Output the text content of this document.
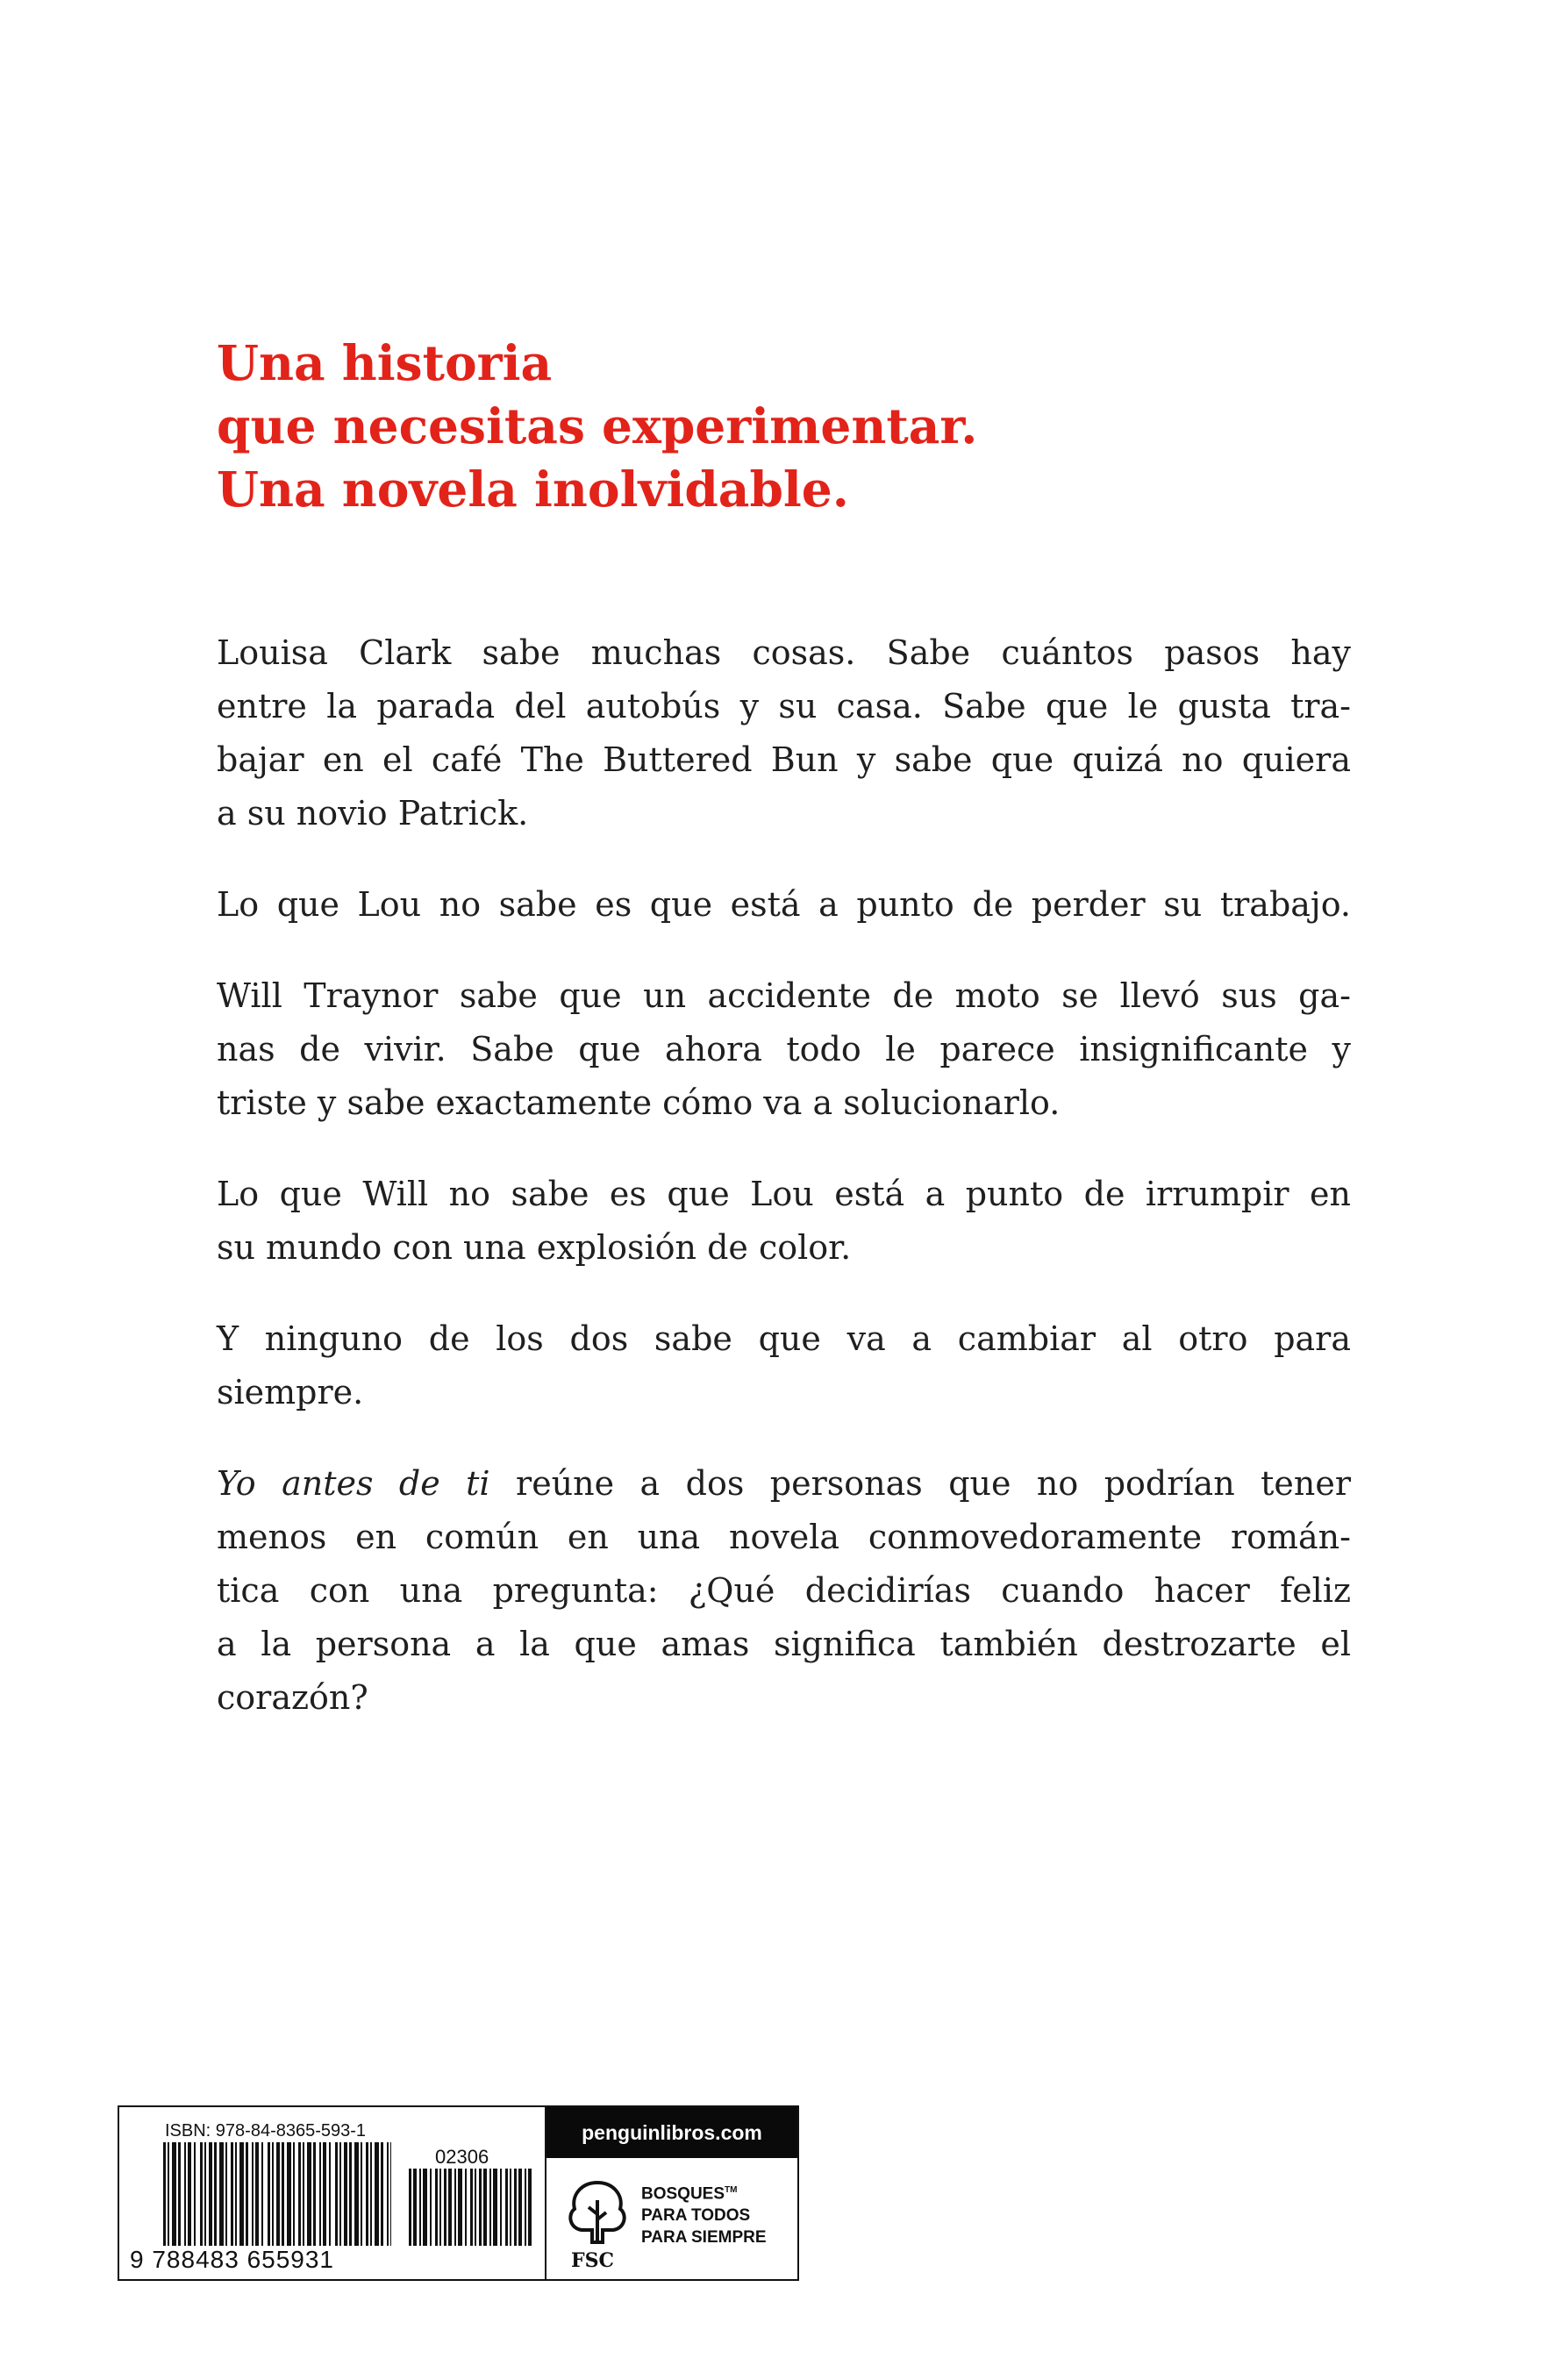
Una historia
que necesitas experimentar.
Una novela inolvidable.
Louisa Clark sabe muchas cosas. Sabe cuántos pasos hay
entre la parada del autobús y su casa. Sabe que le gusta tra-
bajar en el café The Buttered Bun y sabe que quizá no quiera
a su novio Patrick.
Lo que Lou no sabe es que está a punto de perder su trabajo.
Will Traynor sabe que un accidente de moto se llevó sus ga-
nas de vivir. Sabe que ahora todo le parece insignificante y
triste y sabe exactamente cómo va a solucionarlo.
Lo que Will no sabe es que Lou está a punto de irrumpir en
su mundo con una explosión de color.
Y ninguno de los dos sabe que va a cambiar al otro para
siempre.
Yo antes de ti reúne a dos personas que no podrían tener
menos en común en una novela conmovedoramente román-
tica con una pregunta: ¿Qué decidirías cuando hacer feliz
a la persona a la que amas significa también destrozarte el
corazón?
ISBN: 978-84-8365-593-1
02306
9 788483 655931
penguinlibros.com
FSC
BOSQUES™
PARA TODOS
PARA SIEMPRE
